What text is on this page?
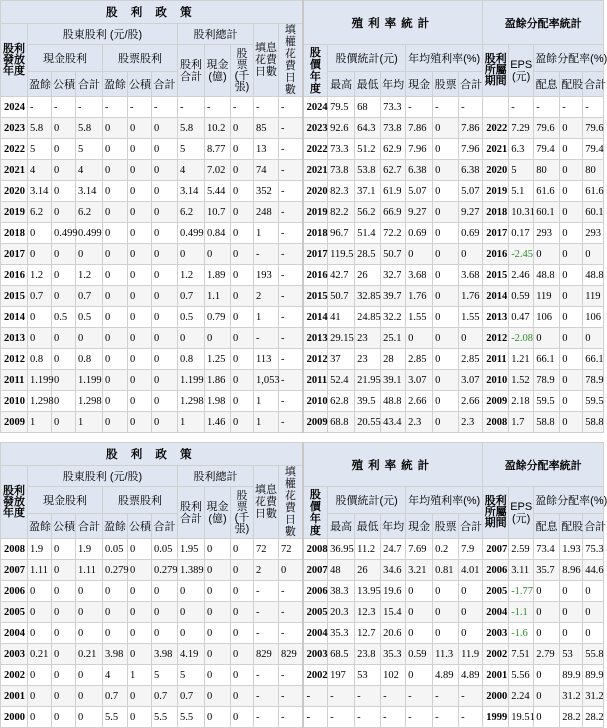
股 利 政 策												殖利率統計							盈餘分配率統計				
股利發放年度	股東股利 (元/股)						股利總計			填息花費日數	填權花費日數												
	現金股利			股票股利			股利合計	現金(億)	股票
(千張)			股價年度	股價統計(元)			年均殖利率(%)			股利所屬期間	EPS
(元)	盈餘分配率(%)		
	盈餘	公積	合計	盈餘	公積	合計							最高	最低	年均	現金	股票	合計			配息	配股	合計
2024	-	-	-	-	-	-	-	-	-	-	-	2024	79.5	68	73.3	-	-	-		-	-	-	-
2023	5.8	0	5.8	0	0	0	5.8	10.2	0	85	-	2023	92.6	64.3	73.8	7.86	0	7.86	2022	7.29	79.6	0	79.6
2022	5	0	5	0	0	0	5	8.77	0	13	-	2022	73.3	51.2	62.9	7.96	0	7.96	2021	6.3	79.4	0	79.4
2021	4	0	4	0	0	0	4	7.02	0	74	-	2021	73.8	53.8	62.7	6.38	0	6.38	2020	5	80	0	80
2020	3.14	0	3.14	0	0	0	3.14	5.44	0	352	-	2020	82.3	37.1	61.9	5.07	0	5.07	2019	5.1	61.6	0	61.6
2019	6.2	0	6.2	0	0	0	6.2	10.7	0	248	-	2019	82.2	56.2	66.9	9.27	0	9.27	2018	10.31	60.1	0	60.1
2018	0	0.499	0.499	0	0	0	0.499	0.84	0	1	-	2018	96.7	51.4	72.2	0.69	0	0.69	2017	0.17	293	0	293
2017	0	0	0	0	0	0	0	0	0	-	-	2017	119.5	28.5	50.7	0	0	0	2016	-2.45	0	0	0
2016	1.2	0	1.2	0	0	0	1.2	1.89	0	193	-	2016	42.7	26	32.7	3.68	0	3.68	2015	2.46	48.8	0	48.8
2015	0.7	0	0.7	0	0	0	0.7	1.1	0	2	-	2015	50.7	32.85	39.7	1.76	0	1.76	2014	0.59	119	0	119
2014	0	0.5	0.5	0	0	0	0.5	0.79	0	1	-	2014	41	24.85	32.2	1.55	0	1.55	2013	0.47	106	0	106
2013	0	0	0	0	0	0	0	0	0	-	-	2013	29.15	23	25.1	0	0	0	2012	-2.08	0	0	0
2012	0.8	0	0.8	0	0	0	0.8	1.25	0	113	-	2012	37	23	28	2.85	0	2.85	2011	1.21	66.1	0	66.1
2011	1.199	0	1.199	0	0	0	1.199	1.86	0	1,053	-	2011	52.4	21.95	39.1	3.07	0	3.07	2010	1.52	78.9	0	78.9
2010	1.298	0	1.298	0	0	0	1.298	1.98	0	1	-	2010	62.8	39.5	48.8	2.66	0	2.66	2009	2.18	59.5	0	59.5
2009	1	0	1	0	0	0	1	1.46	0	1	-	2009	68.8	20.55	43.4	2.3	0	2.3	2008	1.7	58.8	0	58.8
股 利 政 策												殖利率統計							盈餘分配率統計				
股利發放年度	股東股利 (元/股)						股利總計			填息花費日數	填權花費日數												
	現金股利			股票股利			股利合計	現金(億)	股票
(千張)			股價年度	股價統計(元)			年均殖利率(%)			股利所屬期間	EPS
(元)	盈餘分配率(%)		
	盈餘	公積	合計	盈餘	公積	合計							最高	最低	年均	現金	股票	合計			配息	配股	合計
2008	1.9	0	1.9	0.05	0	0.05	1.95	0	0	72	72	2008	36.95	11.2	24.7	7.69	0.2	7.9	2007	2.59	73.4	1.93	75.3
2007	1.11	0	1.11	0.279	0	0.279	1.389	0	0	2	0	2007	48	26	34.6	3.21	0.81	4.01	2006	3.11	35.7	8.96	44.6
2006	0	0	0	0	0	0	0	0	0	-	-	2006	38.3	13.95	19.6	0	0	0	2005	-1.77	0	0	0
2005	0	0	0	0	0	0	0	0	0	-	-	2005	20.3	12.3	15.4	0	0	0	2004	-1.1	0	0	0
2004	0	0	0	0	0	0	0	0	0	-	-	2004	35.3	12.7	20.6	0	0	0	2003	-1.6	0	0	0
2003	0.21	0	0.21	3.98	0	3.98	4.19	0	0	829	829	2003	68.5	23.8	35.3	0.59	11.3	11.9	2002	7.51	2.79	53	55.8
2002	0	0	0	4	1	5	5	0	0	-	-	2002	197	53	102	0	4.89	4.89	2001	5.56	0	89.9	89.9
2001	0	0	0	0.7	0	0.7	0.7	0	0	-	-	-	-	-	-	-	-	-	2000	2.24	0	31.2	31.2
2000	0	0	0	5.5	0	5.5	5.5	0	0	-	-	-	-	-	-	-	-	-	1999	19.51	0	28.2	28.2
